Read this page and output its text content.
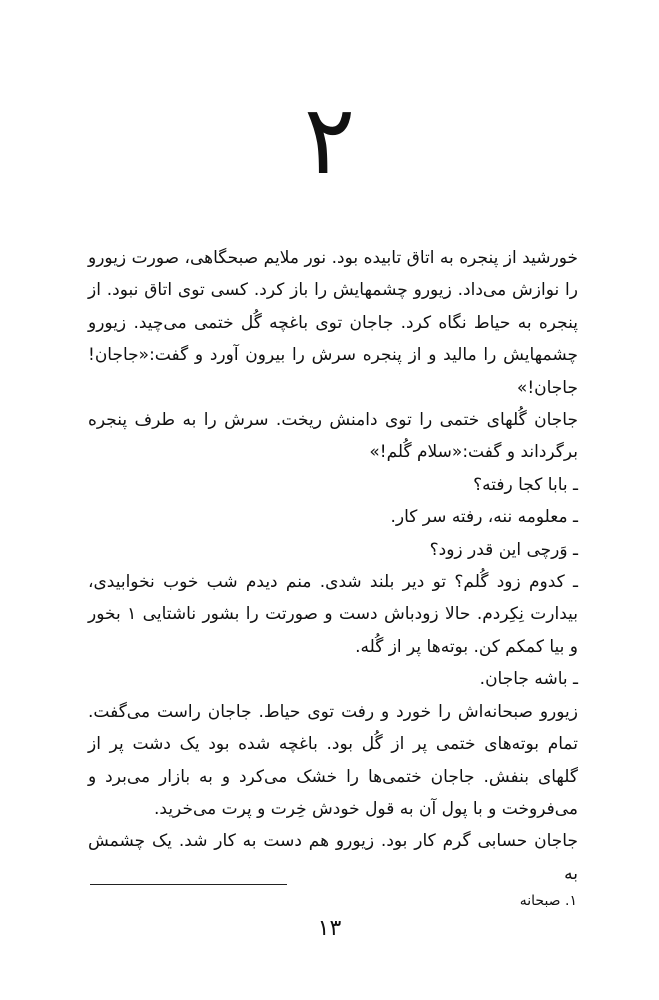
۲

خورشید از پنجره به اتاق تابیده بود. نور ملایم صبحگاهی، صورت زیورو را نوازش می‌داد. زیورو چشمهایش را باز کرد. کسی توی اتاق نبود. از پنجره به حیاط نگاه کرد. جاجان توی باغچه گُل ختمی می‌چید. زیورو چشمهایش را مالید و از پنجره سرش را بیرون آورد و گفت:«جاجان! جاجان!»

جاجان گُلهای ختمی را توی دامنش ریخت. سرش را به طرف پنجره برگرداند و گفت:«سلام گُلم!»

ـ بابا کجا رفته؟

ـ معلومه ننه، رفته سر کار.

ـ وَرچی این قدر زود؟

ـ کدوم زود گُلم؟ تو دیر بلند شدی. منم دیدم شب خوب نخوابیدی، بیدارت نِکِردم. حالا زودباش دست و صورتت را بشور ناشتایی ۱ بخور و بیا کمکم کن. بوته‌ها پر از گُله.

ـ باشه جاجان.

زیورو صبحانه‌اش را خورد و رفت توی حیاط. جاجان راست می‌گفت. تمام بوته‌های ختمی پر از گُل بود. باغچه شده بود یک دشت پر از گلهای بنفش. جاجان ختمی‌ها را خشک می‌کرد و به بازار می‌برد و می‌فروخت و با پول آن به قول خودش خِرت و پرت می‌خرید.

جاجان حسابی گرم کار بود. زیورو هم دست به کار شد. یک چشمش به

۱. صبحانه
۱۳
